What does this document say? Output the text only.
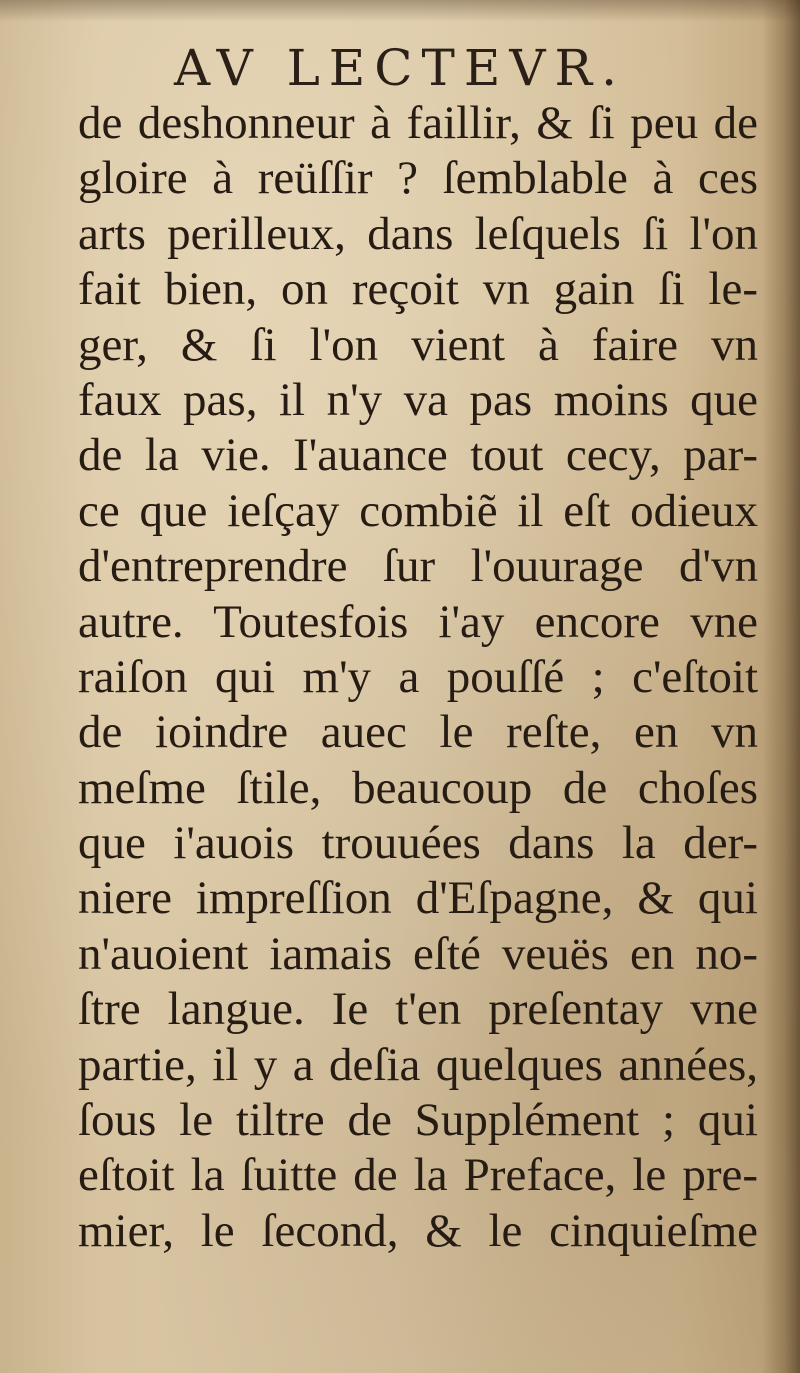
AV LECTEVR.
de deshonneur à faillir, & ſi peu de
gloire à reüſſir ? ſemblable à ces
arts perilleux, dans leſquels ſi l'on
fait bien, on reçoit vn gain ſi le-
ger, & ſi l'on vient à faire vn
faux pas, il n'y va pas moins que
de la vie. I'auance tout cecy, par-
ce que ieſçay combiẽ il eſt odieux
d'entreprendre ſur l'ouurage d'vn
autre. Toutesfois i'ay encore vne
raiſon qui m'y a pouſſé ; c'eſtoit
de ioindre auec le reſte, en vn
meſme ſtile, beaucoup de choſes
que i'auois trouuées dans la der-
niere impreſſion d'Eſpagne, & qui
n'auoient iamais eſté veuës en no-
ſtre langue. Ie t'en preſentay vne
partie, il y a deſia quelques années,
ſous le tiltre de Supplément ; qui
eſtoit la ſuitte de la Preface, le pre-
mier, le ſecond, & le cinquieſme
